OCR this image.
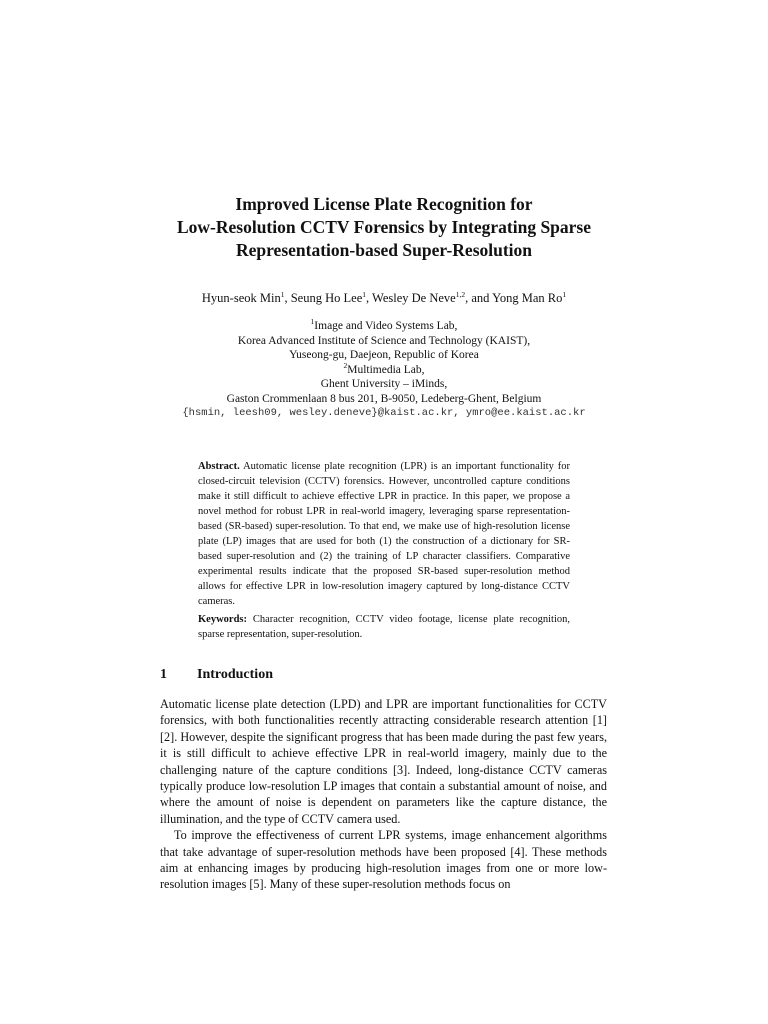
Improved License Plate Recognition for
Low-Resolution CCTV Forensics by Integrating Sparse
Representation-based Super-Resolution
Hyun-seok Min$^1$, Seung Ho Lee$^1$, Wesley De Neve$^{1,2}$, and Yong Man Ro$^1$
$^1$Image and Video Systems Lab,
Korea Advanced Institute of Science and Technology (KAIST),
Yuseong-gu, Daejeon, Republic of Korea
$^2$Multimedia Lab,
Ghent University – iMinds,
Gaston Crommenlaan 8 bus 201, B-9050, Ledeberg-Ghent, Belgium
{hsmin, leesh09, wesley.deneve}@kaist.ac.kr, ymro@ee.kaist.ac.kr
Abstract. Automatic license plate recognition (LPR) is an important functionality for closed-circuit television (CCTV) forensics. However, uncontrolled capture conditions make it still difficult to achieve effective LPR in practice. In this paper, we propose a novel method for robust LPR in real-world imagery, leveraging sparse representation-based (SR-based) super-resolution. To that end, we make use of high-resolution license plate (LP) images that are used for both (1) the construction of a dictionary for SR-based super-resolution and (2) the training of LP character classifiers. Comparative experimental results indicate that the proposed SR-based super-resolution method allows for effective LPR in low-resolution imagery captured by long-distance CCTV cameras.
Keywords: Character recognition, CCTV video footage, license plate recognition, sparse representation, super-resolution.
1 Introduction

Automatic license plate detection (LPD) and LPR are important functionalities for CCTV forensics, with both functionalities recently attracting considerable research attention [1][2]. However, despite the significant progress that has been made during the past few years, it is still difficult to achieve effective LPR in real-world imagery, mainly due to the challenging nature of the capture conditions [3]. Indeed, long-distance CCTV cameras typically produce low-resolution LP images that contain a substantial amount of noise, and where the amount of noise is dependent on parameters like the capture distance, the illumination, and the type of CCTV camera used.

To improve the effectiveness of current LPR systems, image enhancement algorithms that take advantage of super-resolution methods have been proposed [4]. These methods aim at enhancing images by producing high-resolution images from one or more low-resolution images [5]. Many of these super-resolution methods focus on
